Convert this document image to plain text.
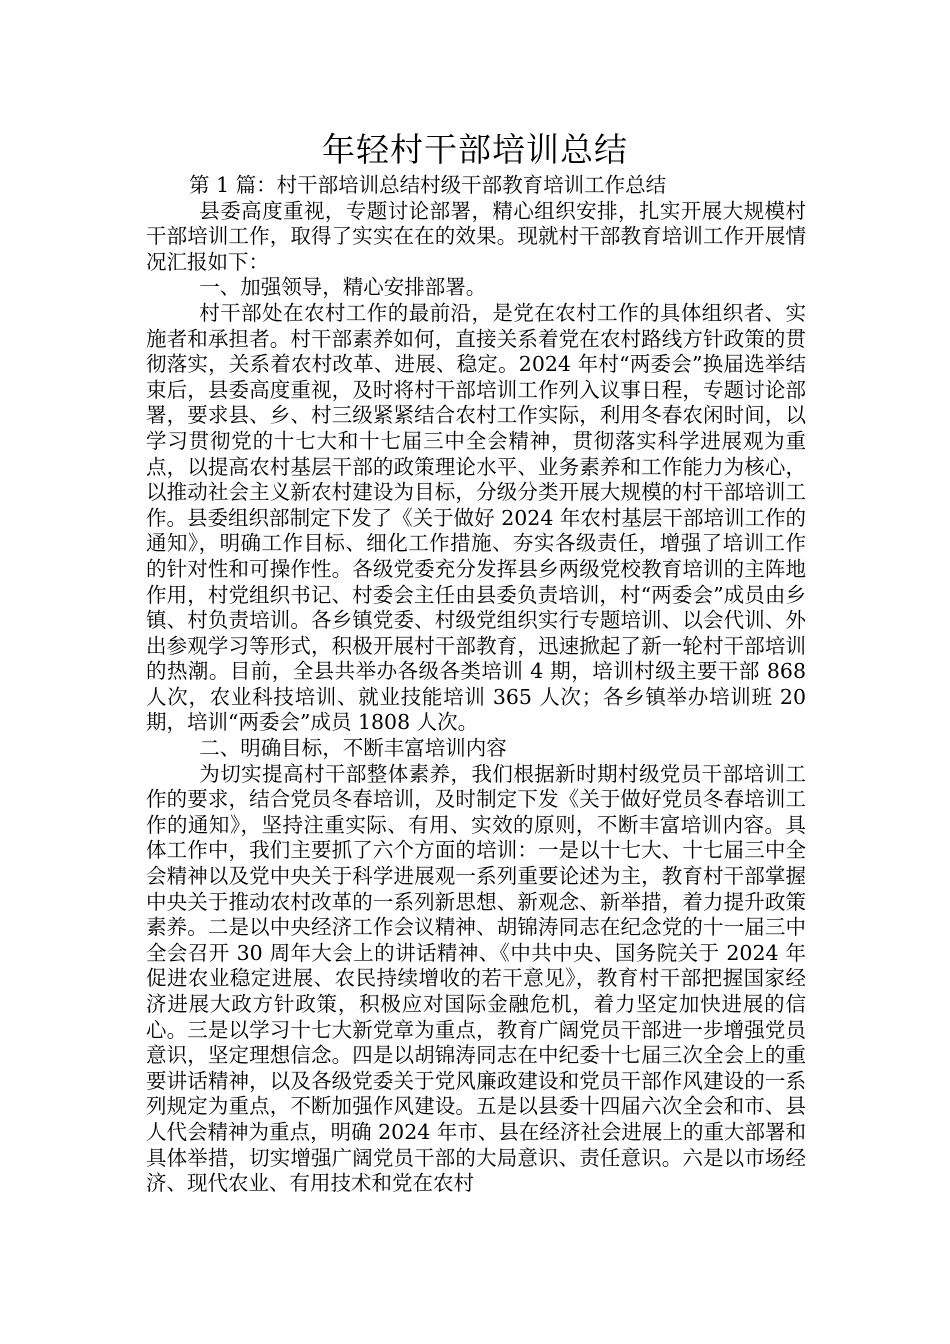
年轻村干部培训总结

第 1 篇：村干部培训总结村级干部教育培训工作总结

县委高度重视，专题讨论部署，精心组织安排，扎实开展大规模村干部培训工作，取得了实实在在的效果。现就村干部教育培训工作开展情况汇报如下：

一、加强领导，精心安排部署。

村干部处在农村工作的最前沿，是党在农村工作的具体组织者、实施者和承担者。村干部素养如何，直接关系着党在农村路线方针政策的贯彻落实，关系着农村改革、进展、稳定。2024 年村“两委会”换届选举结束后，县委高度重视，及时将村干部培训工作列入议事日程，专题讨论部署，要求县、乡、村三级紧紧结合农村工作实际，利用冬春农闲时间，以学习贯彻党的十七大和十七届三中全会精神，贯彻落实科学进展观为重点，以提高农村基层干部的政策理论水平、业务素养和工作能力为核心，以推动社会主义新农村建设为目标，分级分类开展大规模的村干部培训工作。县委组织部制定下发了《关于做好 2024 年农村基层干部培训工作的通知》，明确工作目标、细化工作措施、夯实各级责任，增强了培训工作的针对性和可操作性。各级党委充分发挥县乡两级党校教育培训的主阵地作用，村党组织书记、村委会主任由县委负责培训，村“两委会”成员由乡镇、村负责培训。各乡镇党委、村级党组织实行专题培训、以会代训、外出参观学习等形式，积极开展村干部教育，迅速掀起了新一轮村干部培训的热潮。目前，全县共举办各级各类培训 4 期，培训村级主要干部 868 人次，农业科技培训、就业技能培训 365 人次；各乡镇举办培训班 20 期，培训“两委会”成员 1808 人次。

二、明确目标，不断丰富培训内容

为切实提高村干部整体素养，我们根据新时期村级党员干部培训工作的要求，结合党员冬春培训，及时制定下发《关于做好党员冬春培训工作的通知》，坚持注重实际、有用、实效的原则，不断丰富培训内容。具体工作中，我们主要抓了六个方面的培训：一是以十七大、十七届三中全会精神以及党中央关于科学进展观一系列重要论述为主，教育村干部掌握中央关于推动农村改革的一系列新思想、新观念、新举措，着力提升政策素养。二是以中央经济工作会议精神、胡锦涛同志在纪念党的十一届三中全会召开 30 周年大会上的讲话精神、《中共中央、国务院关于 2024 年促进农业稳定进展、农民持续增收的若干意见》，教育村干部把握国家经济进展大政方针政策，积极应对国际金融危机，着力坚定加快进展的信心。三是以学习十七大新党章为重点，教育广阔党员干部进一步增强党员意识，坚定理想信念。四是以胡锦涛同志在中纪委十七届三次全会上的重要讲话精神，以及各级党委关于党风廉政建设和党员干部作风建设的一系列规定为重点，不断加强作风建设。五是以县委十四届六次全会和市、县人代会精神为重点，明确 2024 年市、县在经济社会进展上的重大部署和具体举措，切实增强广阔党员干部的大局意识、责任意识。六是以市场经济、现代农业、有用技术和党在农村
